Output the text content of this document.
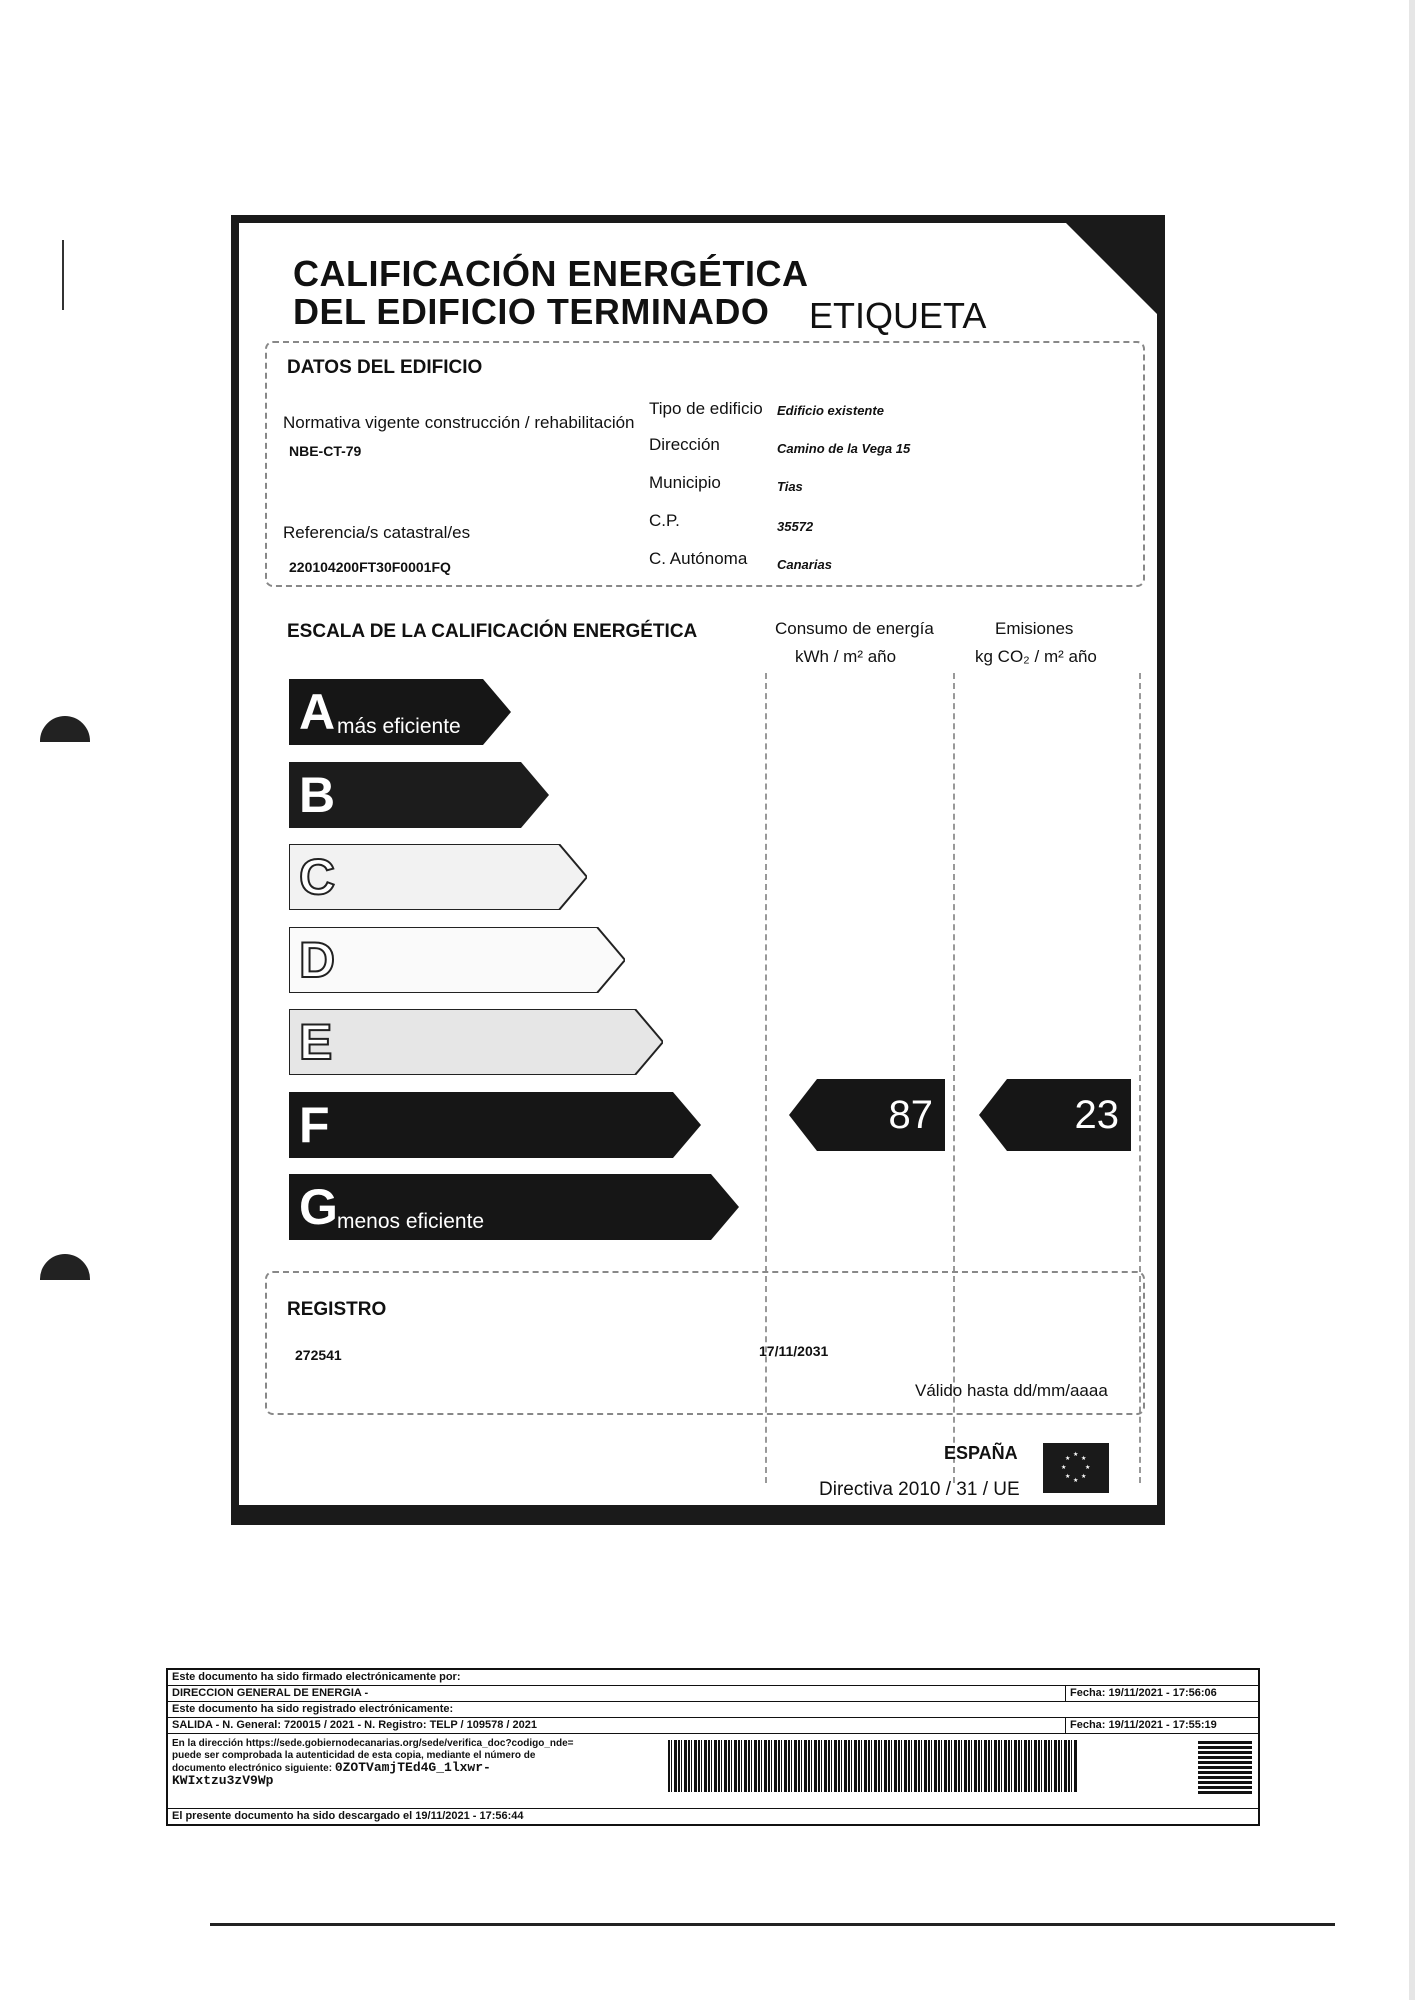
CALIFICACIÓN ENERGÉTICA
DEL EDIFICIO TERMINADO	ETIQUETA
DATOS DEL EDIFICIO
Normativa vigente construcción / rehabilitación
NBE-CT-79
Referencia/s catastral/es
220104200FT30F0001FQ
Tipo de edificio Edificio existente
Dirección	Camino de la Vega 15
Municipio	Tias
C.P.	35572
C. Autónoma Canarias
ESCALA DE LA CALIFICACIÓN ENERGÉTICA	Consumo de energía
kWh / m² año
Emisiones
kg CO₂ / m² año
A más eficiente
B
C
D
E
F
G menos eficiente
87	23
REGISTRO
272541	17/11/2031
Válido hasta dd/mm/aaaa
ESPAÑA
Directiva 2010 / 31 / UE
★
★ ★
★	★
★ ★
★
Este documento ha sido firmado electrónicamente por:
DIRECCION GENERAL DE ENERGIA -	Fecha: 19/11/2021 - 17:56:06
Este documento ha sido registrado electrónicamente:
SALIDA - N. General: 720015 / 2021 - N. Registro: TELP / 109578 / 2021	Fecha: 19/11/2021 - 17:55:19
En la dirección https://sede.gobiernodecanarias.org/sede/verifica_doc?codigo_nde=
puede ser comprobada la autenticidad de esta copia, mediante el número de
documento electrónico siguiente: 0ZOTVamjTEd4G_1lxwr-
KWIxtzu3zV9Wp
El presente documento ha sido descargado el 19/11/2021 - 17:56:44
